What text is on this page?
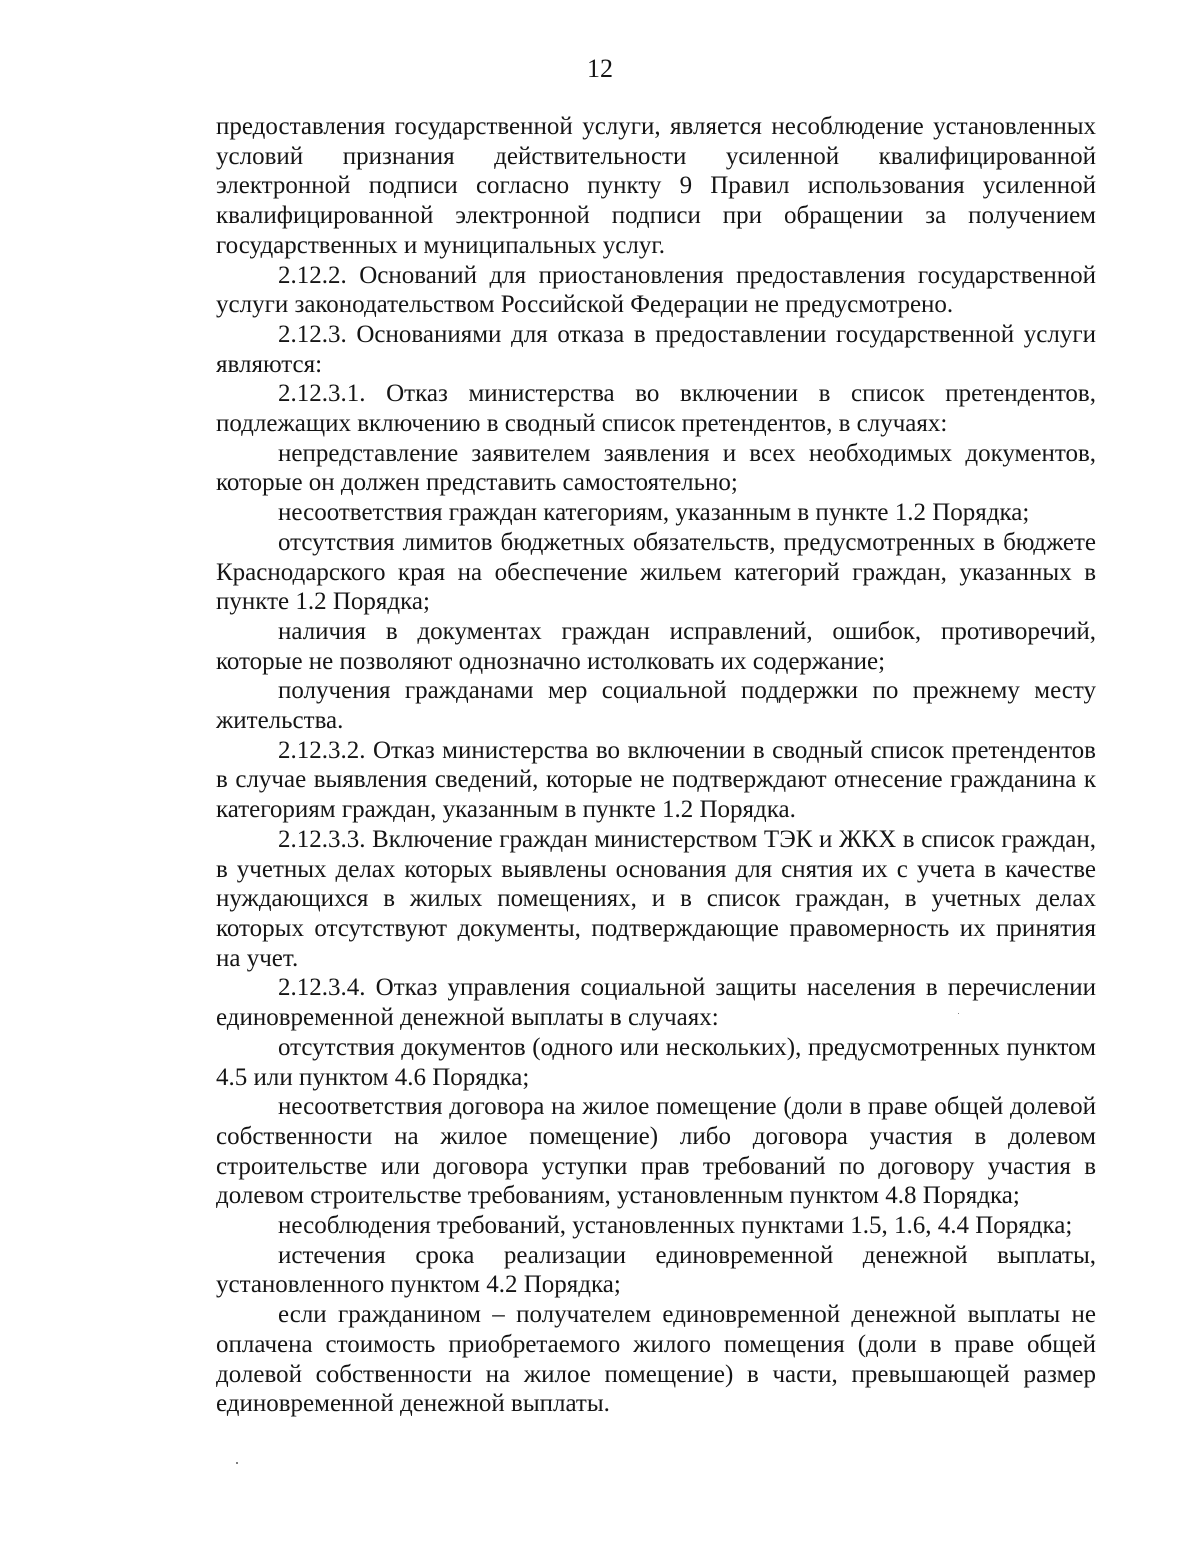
12

предоставления государственной услуги, является несоблюдение установленных условий признания действительности усиленной квалифицированной электронной подписи согласно пункту 9 Правил использования усиленной квалифицированной электронной подписи при обращении за получением государственных и муниципальных услуг.

2.12.2. Оснований для приостановления предоставления государственной услуги законодательством Российской Федерации не предусмотрено.

2.12.3. Основаниями для отказа в предоставлении государственной услуги являются:

2.12.3.1. Отказ министерства во включении в список претендентов, подлежащих включению в сводный список претендентов, в случаях:

непредставление заявителем заявления и всех необходимых документов, которые он должен представить самостоятельно;

несоответствия граждан категориям, указанным в пункте 1.2 Порядка;

отсутствия лимитов бюджетных обязательств, предусмотренных в бюджете Краснодарского края на обеспечение жильем категорий граждан, указанных в пункте 1.2 Порядка;

наличия в документах граждан исправлений, ошибок, противоречий, которые не позволяют однозначно истолковать их содержание;

получения гражданами мер социальной поддержки по прежнему месту жительства.

2.12.3.2. Отказ министерства во включении в сводный список претендентов в случае выявления сведений, которые не подтверждают отнесение гражданина к категориям граждан, указанным в пункте 1.2 Порядка.

2.12.3.3. Включение граждан министерством ТЭК и ЖКХ в список граждан, в учетных делах которых выявлены основания для снятия их с учета в качестве нуждающихся в жилых помещениях, и в список граждан, в учетных делах которых отсутствуют документы, подтверждающие правомерность их принятия на учет.

2.12.3.4. Отказ управления социальной защиты населения в перечислении единовременной денежной выплаты в случаях:

отсутствия документов (одного или нескольких), предусмотренных пунктом 4.5 или пунктом 4.6 Порядка;

несоответствия договора на жилое помещение (доли в праве общей долевой собственности на жилое помещение) либо договора участия в долевом строительстве или договора уступки прав требований по договору участия в долевом строительстве требованиям, установленным пунктом 4.8 Порядка;

несоблюдения требований, установленных пунктами 1.5, 1.6, 4.4 Порядка;

истечения срока реализации единовременной денежной выплаты, установленного пунктом 4.2 Порядка;

если гражданином – получателем единовременной денежной выплаты не оплачена стоимость приобретаемого жилого помещения (доли в праве общей долевой собственности на жилое помещение) в части, превышающей размер единовременной денежной выплаты.
